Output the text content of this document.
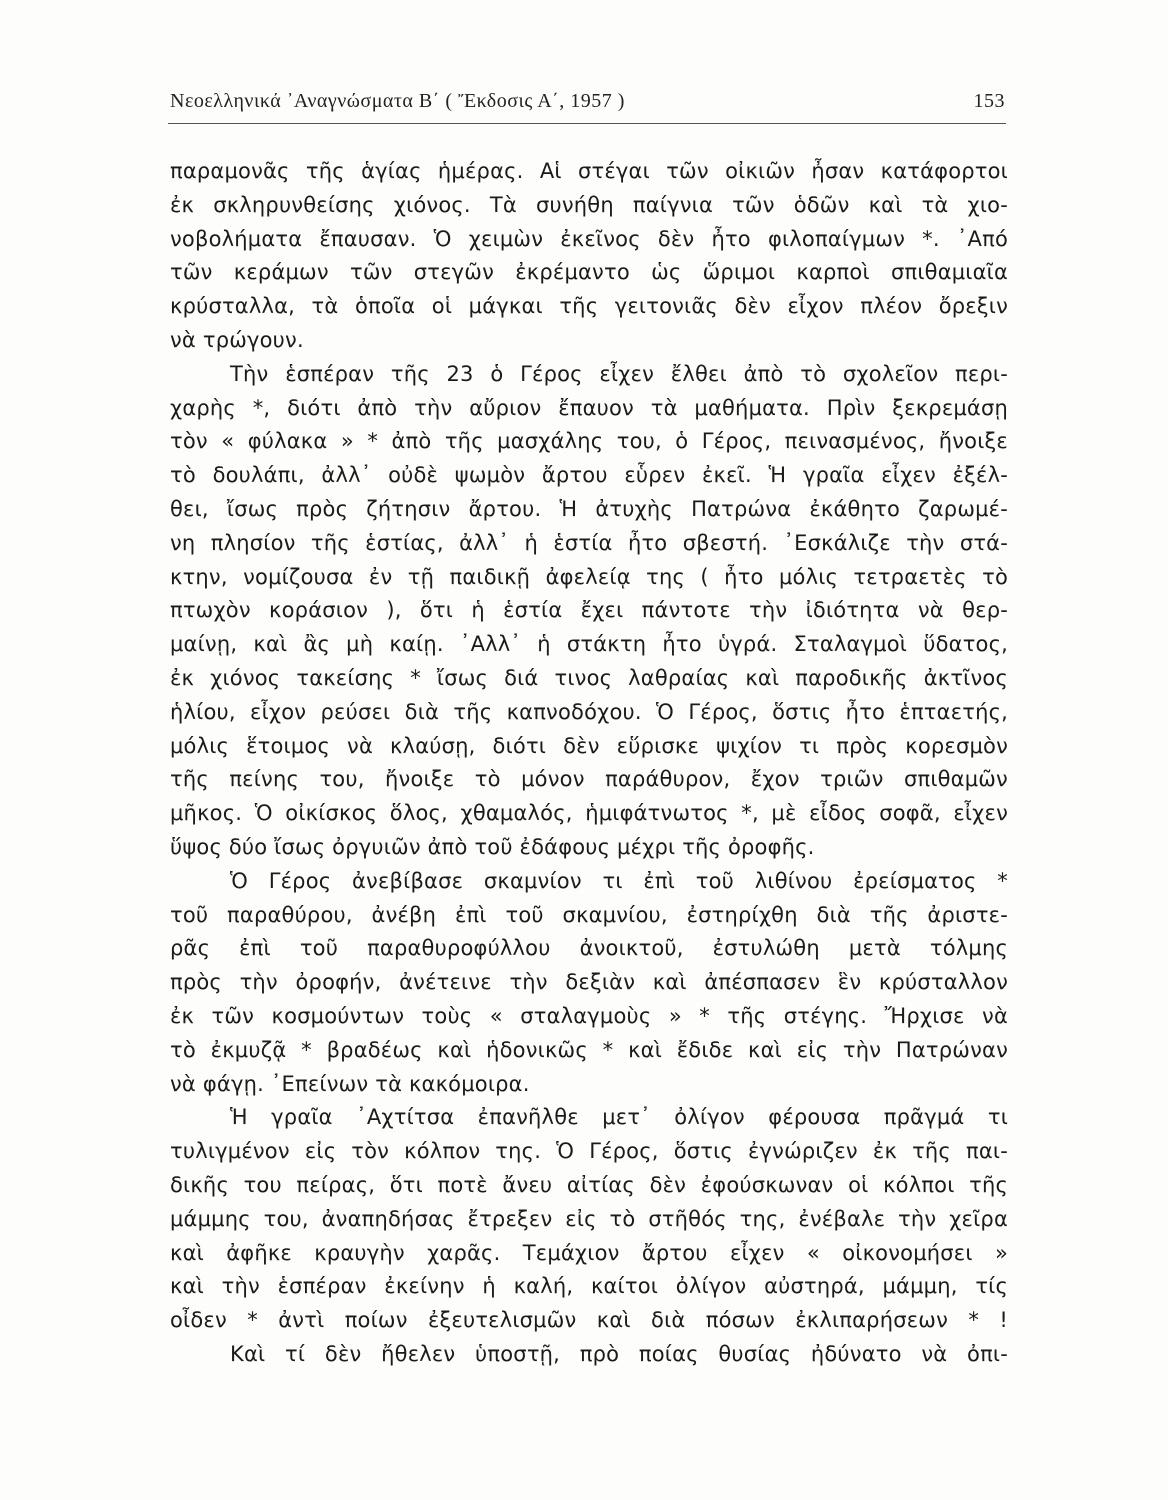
Νεοελληνικά ᾽Αναγνώσματα Β΄ ( Ἔκδοσις Α΄, 1957 )	153
παραμονᾶς τῆς ἁγίας ἡμέρας. Αἱ στέγαι τῶν οἰκιῶν ἦσαν κατάφορτοι
ἐκ σκληρυνθείσης χιόνος. Τὰ συνήθη παίγνια τῶν ὁδῶν καὶ τὰ χιο-
νοβολήματα ἔπαυσαν. Ὁ χειμὼν ἐκεῖνος δὲν ἦτο φιλοπαίγμων *. ᾽Από
τῶν κεράμων τῶν στεγῶν ἐκρέμαντο ὡς ὥριμοι καρποὶ σπιθαμιαῖα
κρύσταλλα, τὰ ὁποῖα οἱ μάγκαι τῆς γειτονιᾶς δὲν εἶχον πλέον ὄρεξιν
νὰ τρώγουν.
Τὴν ἑσπέραν τῆς 23 ὁ Γέρος εἶχεν ἔλθει ἀπὸ τὸ σχολεῖον περι-
χαρὴς *, διότι ἀπὸ τὴν αὔριον ἔπαυον τὰ μαθήματα. Πρὶν ξεκρεμάσῃ
τὸν « φύλακα » * ἀπὸ τῆς μασχάλης του, ὁ Γέρος, πεινασμένος, ἤνοιξε
τὸ δουλάπι, ἀλλ᾽ οὐδὲ ψωμὸν ἄρτου εὗρεν ἐκεῖ. Ἡ γραῖα εἶχεν ἐξέλ-
θει, ἴσως πρὸς ζήτησιν ἄρτου. Ἡ ἀτυχὴς Πατρώνα ἐκάθητο ζαρωμέ-
νη πλησίον τῆς ἑστίας, ἀλλ᾽ ἡ ἑστία ἦτο σβεστή. ᾽Εσκάλιζε τὴν στά-
κτην, νομίζουσα ἐν τῇ παιδικῇ ἀφελείᾳ της ( ἦτο μόλις τετραετὲς τὸ
πτωχὸν κοράσιον ), ὅτι ἡ ἑστία ἔχει πάντοτε τὴν ἰδιότητα νὰ θερ-
μαίνῃ, καὶ ἂς μὴ καίῃ. ᾽Αλλ᾽ ἡ στάκτη ἦτο ὑγρά. Σταλαγμοὶ ὕδατος,
ἐκ χιόνος τακείσης * ἴσως διά τινος λαθραίας καὶ παροδικῆς ἀκτῖνος
ἡλίου, εἶχον ρεύσει διὰ τῆς καπνοδόχου. Ὁ Γέρος, ὅστις ἦτο ἑπταετής,
μόλις ἕτοιμος νὰ κλαύσῃ, διότι δὲν εὕρισκε ψιχίον τι πρὸς κορεσμὸν
τῆς πείνης του, ἤνοιξε τὸ μόνον παράθυρον, ἔχον τριῶν σπιθαμῶν
μῆκος. Ὁ οἰκίσκος ὅλος, χθαμαλός, ἡμιφάτνωτος *, μὲ εἶδος σοφᾶ, εἶχεν
ὕψος δύο ἴσως ὀργυιῶν ἀπὸ τοῦ ἐδάφους μέχρι τῆς ὀροφῆς.
Ὁ Γέρος ἀνεβίβασε σκαμνίον τι ἐπὶ τοῦ λιθίνου ἐρείσματος *
τοῦ παραθύρου, ἀνέβη ἐπὶ τοῦ σκαμνίου, ἐστηρίχθη διὰ τῆς ἀριστε-
ρᾶς ἐπὶ τοῦ παραθυροφύλλου ἀνοικτοῦ, ἐστυλώθη μετὰ τόλμης
πρὸς τὴν ὀροφήν, ἀνέτεινε τὴν δεξιὰν καὶ ἀπέσπασεν ἓν κρύσταλλον
ἐκ τῶν κοσμούντων τοὺς « σταλαγμοὺς » * τῆς στέγης. Ἤρχισε νὰ
τὸ ἐκμυζᾷ * βραδέως καὶ ἡδονικῶς * καὶ ἔδιδε καὶ εἰς τὴν Πατρώναν
νὰ φάγῃ. ᾽Επείνων τὰ κακόμοιρα.
Ἡ γραῖα ᾽Αχτίτσα ἐπανῆλθε μετ᾽ ὀλίγον φέρουσα πρᾶγμά τι
τυλιγμένον εἰς τὸν κόλπον της. Ὁ Γέρος, ὅστις ἐγνώριζεν ἐκ τῆς παι-
δικῆς του πείρας, ὅτι ποτὲ ἄνευ αἰτίας δὲν ἐφούσκωναν οἱ κόλποι τῆς
μάμμης του, ἀναπηδήσας ἔτρεξεν εἰς τὸ στῆθός της, ἐνέβαλε τὴν χεῖρα
καὶ ἀφῆκε κραυγὴν χαρᾶς. Τεμάχιον ἄρτου εἶχεν « οἰκονομήσει »
καὶ τὴν ἑσπέραν ἐκείνην ἡ καλή, καίτοι ὀλίγον αὐστηρά, μάμμη, τίς
οἶδεν * ἀντὶ ποίων ἐξευτελισμῶν καὶ διὰ πόσων ἐκλιπαρήσεων * !
Καὶ τί δὲν ἤθελεν ὑποστῇ, πρὸ ποίας θυσίας ἠδύνατο νὰ ὀπι-
